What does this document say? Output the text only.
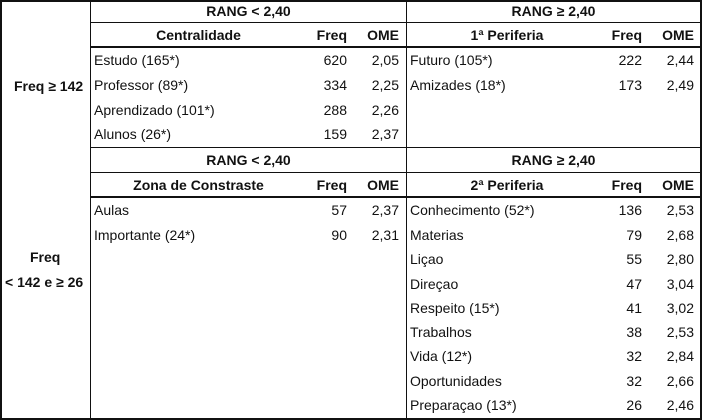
Freq ≥ 142
Freq
< 142 e ≥ 26
RANG < 2,40
Centralidade	Freq	OME
Estudo (165*)	620	2,05
Professor (89*)	334	2,25
Aprendizado (101*)	288	2,26
Alunos (26*)	159	2,37
RANG ≥ 2,40
1ª Periferia	Freq	OME
Futuro (105*)	222	2,44
Amizades (18*)	173	2,49
RANG < 2,40
Zona de Constraste	Freq	OME
Aulas	57	2,37
Importante (24*)	90	2,31
RANG ≥ 2,40
2ª Periferia	Freq	OME
Conhecimento (52*)	136	2,53
Materias	79	2,68
Liçao	55	2,80
Direçao	47	3,04
Respeito (15*)	41	3,02
Trabalhos	38	2,53
Vida (12*)	32	2,84
Oportunidades	32	2,66
Preparaçao (13*)	26	2,46
